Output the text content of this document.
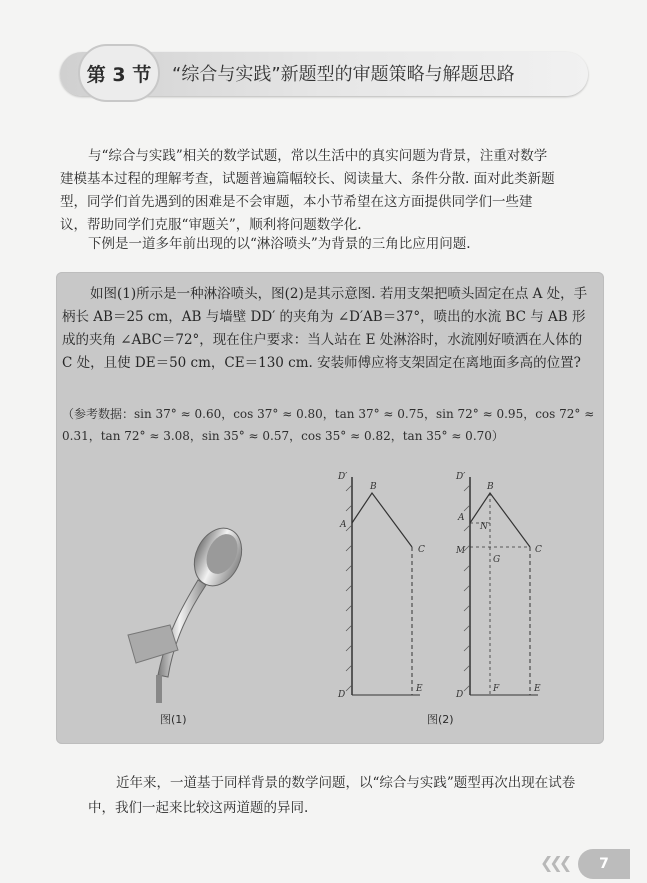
第 3 节 “综合与实践”新题型的审题策略与解题思路

与“综合与实践”相关的数学试题，常以生活中的真实问题为背景，注重对数学建模基本过程的理解考查，试题普遍篇幅较长、阅读量大、条件分散. 面对此类新题型，同学们首先遇到的困难是不会审题，本小节希望在这方面提供同学们一些建议，帮助同学们克服“审题关”，顺利将问题数学化.

下例是一道多年前出现的以“淋浴喷头”为背景的三角比应用问题.

如图(1)所示是一种淋浴喷头，图(2)是其示意图. 若用支架把喷头固定在点 A 处，手柄长 AB＝25 cm，AB 与墙壁 DD′ 的夹角为 ∠D′AB＝37°，喷出的水流 BC 与 AB 形成的夹角 ∠ABC＝72°，现在住户要求：当人站在 E 处淋浴时，水流刚好喷洒在人体的 C 处，且使 DE＝50 cm，CE＝130 cm. 安装师傅应将支架固定在离地面多高的位置?

（参考数据：sin 37° ≈ 0.60，cos 37° ≈ 0.80，tan 37° ≈ 0.75，sin 72° ≈ 0.95，cos 72° ≈ 0.31，tan 72° ≈ 3.08，sin 35° ≈ 0.57，cos 35° ≈ 0.82，tan 35° ≈ 0.70）

图(1)
D′
B
A
C
D
E
D′
B
A
N
M	C
G
D
F	E
图(2)

近年来，一道基于同样背景的数学问题，以“综合与实践”题型再次出现在试卷中，我们一起来比较这两道题的异同.

❮❮❮ 7
